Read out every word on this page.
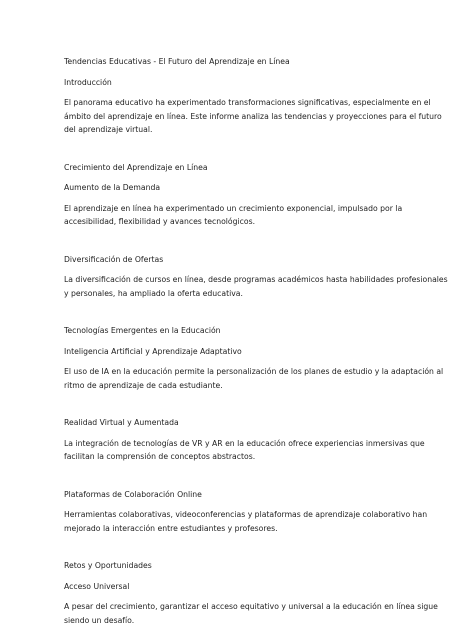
Tendencias Educativas - El Futuro del Aprendizaje en Línea

Introducción

El panorama educativo ha experimentado transformaciones significativas, especialmente en el

ámbito del aprendizaje en línea. Este informe analiza las tendencias y proyecciones para el futuro

del aprendizaje virtual.

Crecimiento del Aprendizaje en Línea

Aumento de la Demanda

El aprendizaje en línea ha experimentado un crecimiento exponencial, impulsado por la

accesibilidad, flexibilidad y avances tecnológicos.

Diversificación de Ofertas

La diversificación de cursos en línea, desde programas académicos hasta habilidades profesionales

y personales, ha ampliado la oferta educativa.

Tecnologías Emergentes en la Educación

Inteligencia Artificial y Aprendizaje Adaptativo

El uso de IA en la educación permite la personalización de los planes de estudio y la adaptación al

ritmo de aprendizaje de cada estudiante.

Realidad Virtual y Aumentada

La integración de tecnologías de VR y AR en la educación ofrece experiencias inmersivas que

facilitan la comprensión de conceptos abstractos.

Plataformas de Colaboración Online

Herramientas colaborativas, videoconferencias y plataformas de aprendizaje colaborativo han

mejorado la interacción entre estudiantes y profesores.

Retos y Oportunidades

Acceso Universal

A pesar del crecimiento, garantizar el acceso equitativo y universal a la educación en línea sigue

siendo un desafío.
